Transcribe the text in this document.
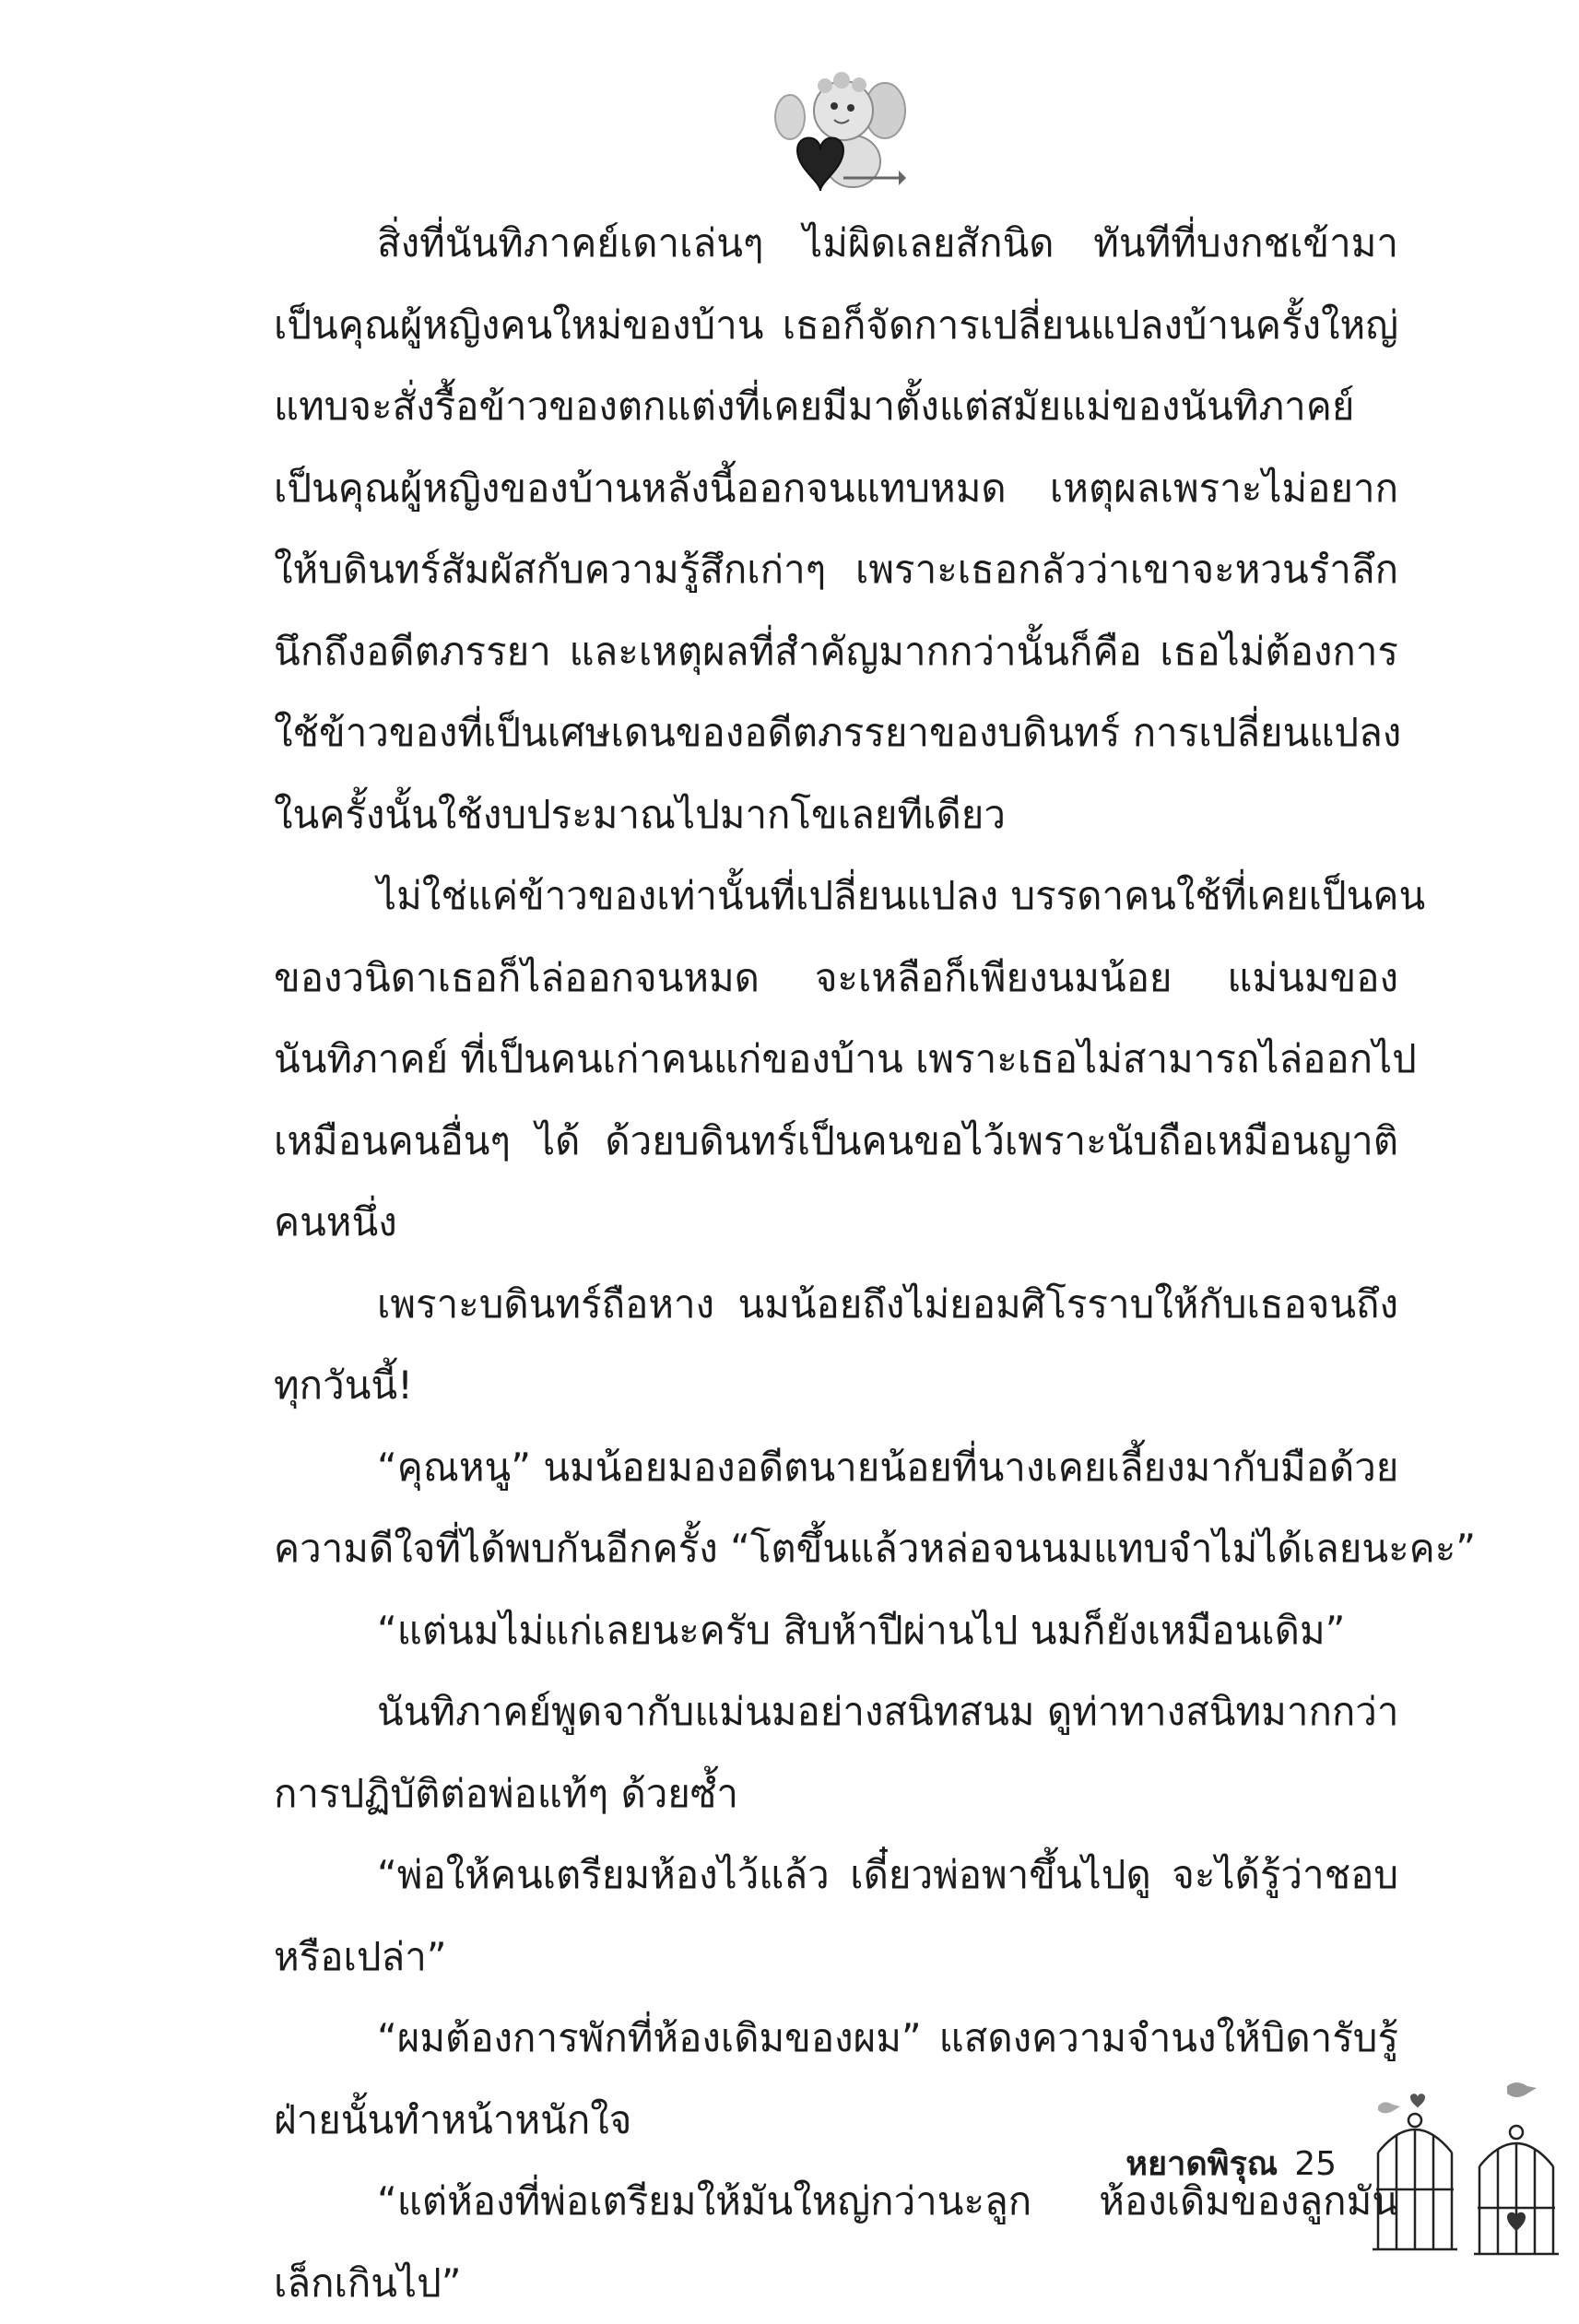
สิ่งที่นันทิภาคย์เดาเล่นๆ ไม่ผิดเลยสักนิด ทันทีที่บงกชเข้ามา

เป็นคุณผู้หญิงคนใหม่ของบ้าน เธอก็จัดการเปลี่ยนแปลงบ้านครั้งใหญ่

แทบจะสั่งรื้อข้าวของตกแต่งที่เคยมีมาตั้งแต่สมัยแม่ของนันทิภาคย์

เป็นคุณผู้หญิงของบ้านหลังนี้ออกจนแทบหมด เหตุผลเพราะไม่อยาก

ให้บดินทร์สัมผัสกับความรู้สึกเก่าๆ เพราะเธอกลัวว่าเขาจะหวนรำลึก

นึกถึงอดีตภรรยา และเหตุผลที่สำคัญมากกว่านั้นก็คือ เธอไม่ต้องการ

ใช้ข้าวของที่เป็นเศษเดนของอดีตภรรยาของบดินทร์ การเปลี่ยนแปลง

ในครั้งนั้นใช้งบประมาณไปมากโขเลยทีเดียว

ไม่ใช่แค่ข้าวของเท่านั้นที่เปลี่ยนแปลง บรรดาคนใช้ที่เคยเป็นคน

ของวนิดาเธอก็ไล่ออกจนหมด จะเหลือก็เพียงนมน้อย แม่นมของ

นันทิภาคย์ ที่เป็นคนเก่าคนแก่ของบ้าน เพราะเธอไม่สามารถไล่ออกไป

เหมือนคนอื่นๆ ได้ ด้วยบดินทร์เป็นคนขอไว้เพราะนับถือเหมือนญาติ

คนหนึ่ง

เพราะบดินทร์ถือหาง นมน้อยถึงไม่ยอมศิโรราบให้กับเธอจนถึง

ทุกวันนี้!

“คุณหนู” นมน้อยมองอดีตนายน้อยที่นางเคยเลี้ยงมากับมือด้วย

ความดีใจที่ได้พบกันอีกครั้ง “โตขึ้นแล้วหล่อจนนมแทบจำไม่ได้เลยนะคะ”

“แต่นมไม่แก่เลยนะครับ สิบห้าปีผ่านไป นมก็ยังเหมือนเดิม”

นันทิภาคย์พูดจากับแม่นมอย่างสนิทสนม ดูท่าทางสนิทมากกว่า

การปฏิบัติต่อพ่อแท้ๆ ด้วยซ้ำ

“พ่อให้คนเตรียมห้องไว้แล้ว เดี๋ยวพ่อพาขึ้นไปดู จะได้รู้ว่าชอบ

หรือเปล่า”

“ผมต้องการพักที่ห้องเดิมของผม” แสดงความจำนงให้บิดารับรู้

ฝ่ายนั้นทำหน้าหนักใจ

“แต่ห้องที่พ่อเตรียมให้มันใหญ่กว่านะลูก ห้องเดิมของลูกมัน

เล็กเกินไป”

หยาดพิรุณ 25
